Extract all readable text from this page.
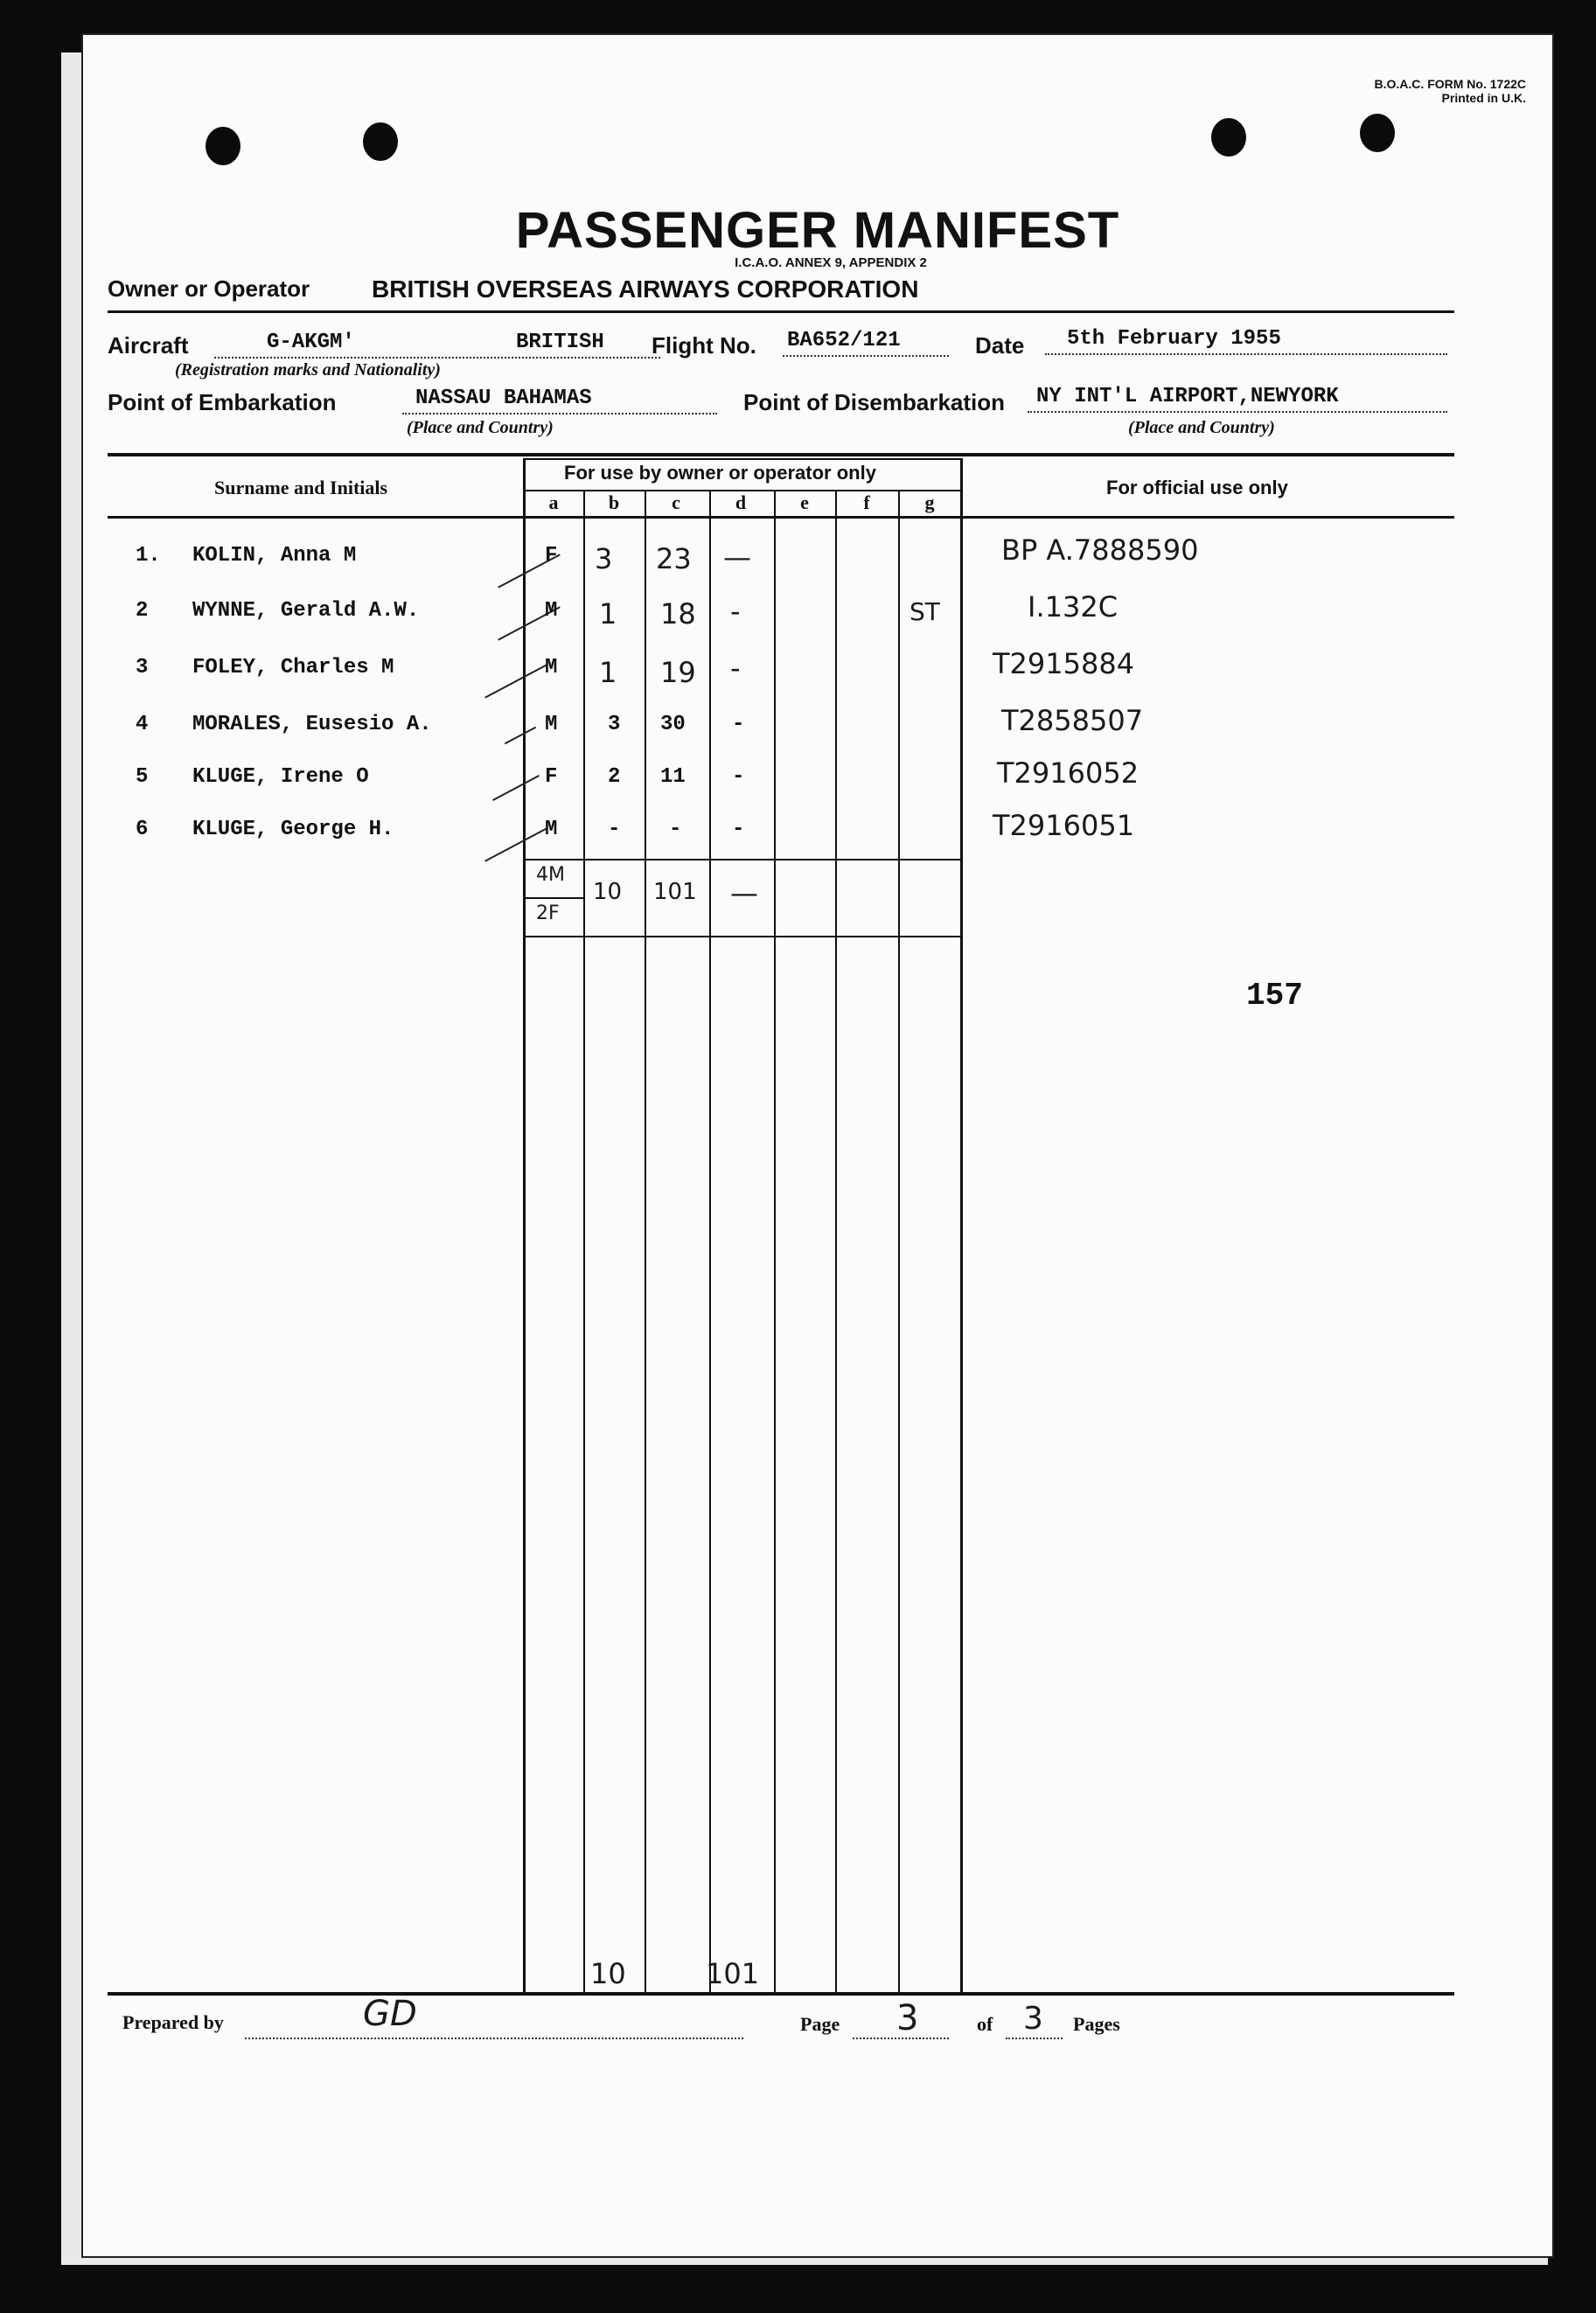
B.O.A.C. FORM No. 1722C
Printed in U.K.
PASSENGER MANIFEST
I.C.A.O. ANNEX 9, APPENDIX 2
Owner or Operator	BRITISH OVERSEAS AIRWAYS CORPORATION
Aircraft	G-AKGM'	BRITISH
(Registration marks and Nationality)
Flight No. BA652/121	Date 5th February 1955
Point of Embarkation	NASSAU BAHAMAS
(Place and Country)
Point of Disembarkation NY INT'L AIRPORT,NEWYORK
(Place and Country)
Surname and Initials
For use by owner or operator only
For official use only
a	b	c	d	e	f	g
1. KOLIN, Anna M	F 3 23 —	BP A.7888590
2 WYNNE, Gerald A.W.	M 1 18 -	ST	I.132C
3 FOLEY, Charles M	M 1 19 -	T2915884
4 MORALES, Eusesio A.	M 3 30 -	T2858507
5 KLUGE, Irene O	F 2 11 -	T2916052
6 KLUGE, George H.	M - - -	T2916051
4M
2F
10 101 —
157
10	101
Prepared by	GD	Page 3	of 3 Pages
